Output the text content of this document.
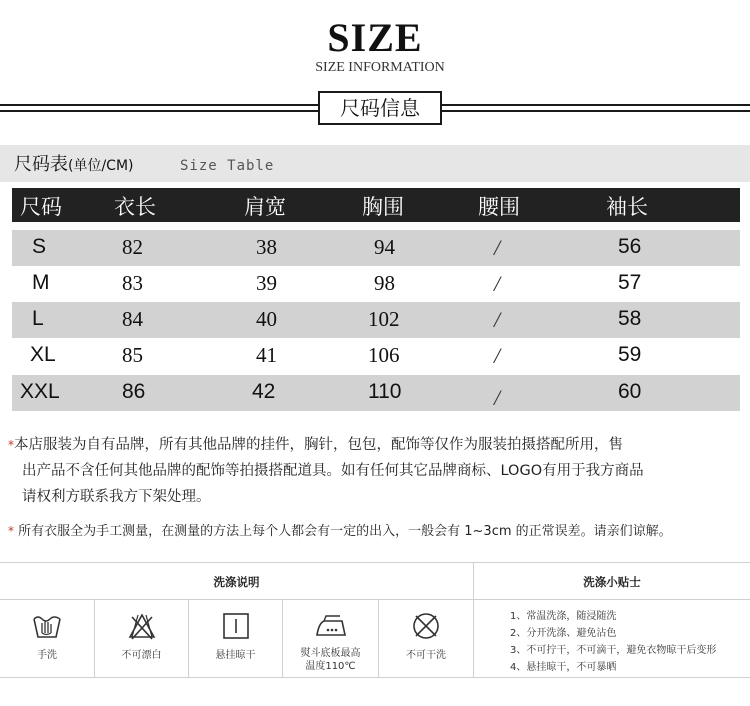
SIZE
SIZE INFORMATION
尺码信息
尺码表(单位/CM)	Size Table
尺码 衣长	肩宽	胸围	腰围	袖长
S	82	38	94	/	56
M	83	39	98	/	57
L	84	40	102	/	58
XL	85	41	106	/	59
XXL	86	42	110	/	60
*本店服装为自有品牌，所有其他品牌的挂件，胸针，包包，配饰等仅作为服装拍摄搭配所用，售
出产品不含任何其他品牌的配饰等拍摄搭配道具。如有任何其它品牌商标、LOGO有用于我方商品
请权利方联系我方下架处理。
* 所有衣服全为手工测量，在测量的方法上每个人都会有一定的出入，一般会有 1~3cm 的正常误差。请亲们谅解。
洗涤说明	洗涤小贴士
手洗	不可漂白	悬挂晾干	熨斗底板最高
温度110℃
不可干洗
1、常温洗涤，随浸随洗
2、分开洗涤、避免沾色
3、不可拧干，不可滴干，避免衣物晾干后变形
4、悬挂晾干，不可暴晒
